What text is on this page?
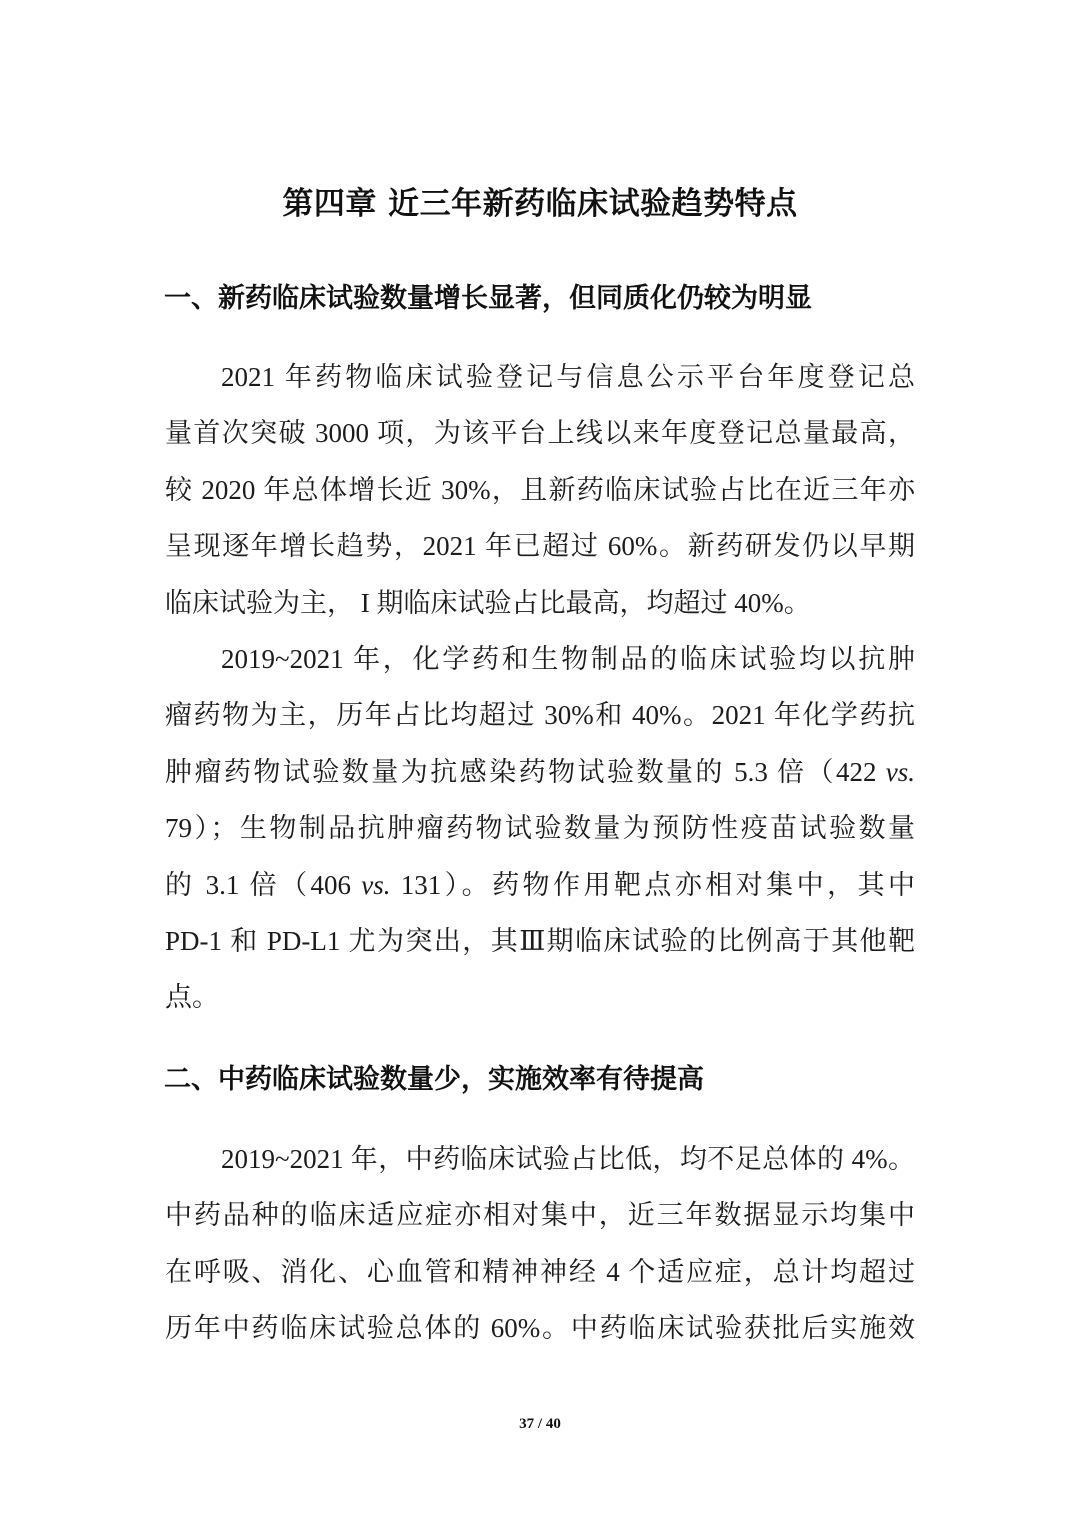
第四章 近三年新药临床试验趋势特点
一、新药临床试验数量增长显著，但同质化仍较为明显
2021 年药物临床试验登记与信息公示平台年度登记总
量首次突破 3000 项，为该平台上线以来年度登记总量最高，
较 2020 年总体增长近 30%，且新药临床试验占比在近三年亦
呈现逐年增长趋势，2021 年已超过 60%。新药研发仍以早期
临床试验为主， I 期临床试验占比最高，均超过 40%。
2019~2021 年，化学药和生物制品的临床试验均以抗肿
瘤药物为主，历年占比均超过 30%和 40%。2021 年化学药抗
肿瘤药物试验数量为抗感染药物试验数量的 5.3 倍（422 vs.
79）；生物制品抗肿瘤药物试验数量为预防性疫苗试验数量
的 3.1 倍（406 vs. 131）。药物作用靶点亦相对集中，其中
PD-1 和 PD-L1 尤为突出，其Ⅲ期临床试验的比例高于其他靶
点。
二、中药临床试验数量少，实施效率有待提高
2019~2021 年，中药临床试验占比低，均不足总体的 4%。
中药品种的临床适应症亦相对集中，近三年数据显示均集中
在呼吸、消化、心血管和精神神经 4 个适应症，总计均超过
历年中药临床试验总体的 60%。中药临床试验获批后实施效
37 / 40
